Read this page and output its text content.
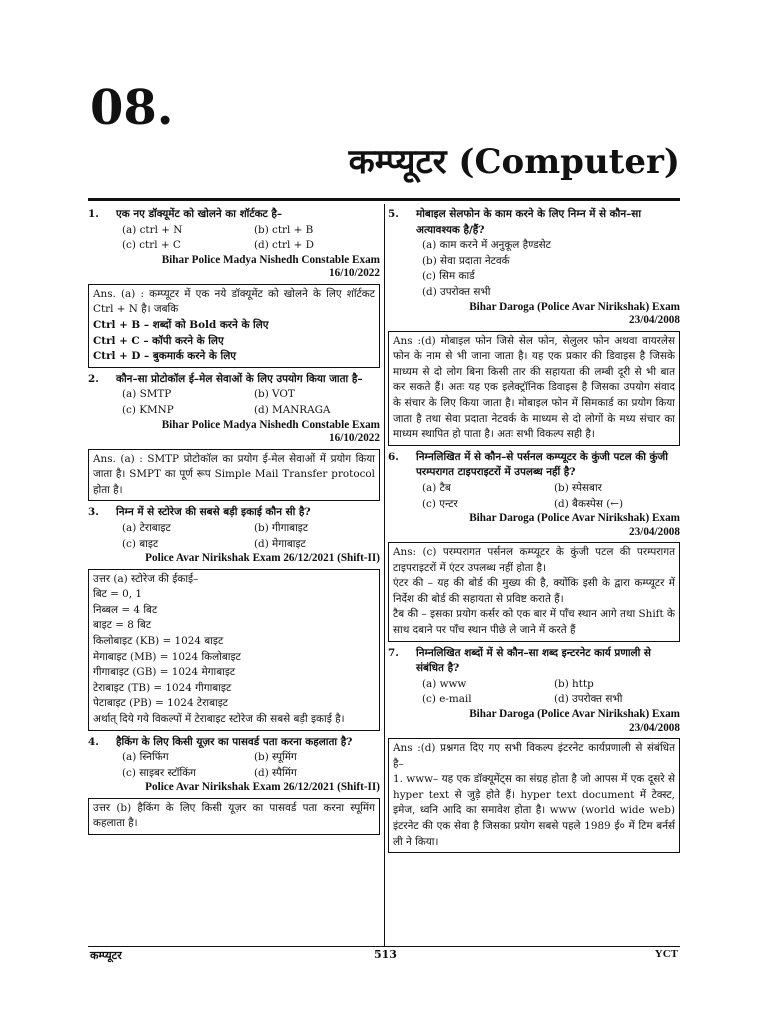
08.
कम्प्यूटर (Computer)
1.	एक नए डॉक्यूमेंट को खोलने का शॉर्टकट है–
(a) ctrl + N	(b) ctrl + B
(c) ctrl + C	(d) ctrl + D
Bihar Police Madya Nishedh Constable Exam
16/10/2022

Ans. (a) : कम्प्यूटर में एक नये डॉक्यूमेंट को खोलने के लिए शॉर्टकट Ctrl + N है। जबकि

Ctrl + B – शब्दों को Bold करने के लिए

Ctrl + C – कॉपी करने के लिए

Ctrl + D – बुकमार्क करने के लिए

2.	कौन–सा प्रोटोकॉल ई–मेल सेवाओं के लिए उपयोग किया जाता है–
(a) SMTP	(b) VOT
(c) KMNP	(d) MANRAGA
Bihar Police Madya Nishedh Constable Exam
16/10/2022

Ans. (a) : SMTP प्रोटोकॉल का प्रयोग ई-मेल सेवाओं में प्रयोग किया जाता है। SMPT का पूर्ण रूप Simple Mail Transfer protocol होता है।

3.	निम्न में से स्टोरेज की सबसे बड़ी इकाई कौन सी है?
(a) टेराबाइट	(b) गीगाबाइट
(c) बाइट	(d) मेगाबाइट
Police Avar Nirikshak Exam 26/12/2021 (Shift-II)

उत्तर (a) स्टोरेज की ईकाई–

बिट = 0, 1

निब्बल = 4 बिट

बाइट = 8 बिट

किलोबाइट (KB) = 1024 बाइट

मेगाबाइट (MB) = 1024 किलोबाइट

गीगाबाइट (GB) = 1024 मेगाबाइट

टेराबाइट (TB) = 1024 गीगाबाइट

पेटाबाइट (PB) = 1024 टेराबाइट

अर्थात् दिये गये विकल्पों में टेराबाइट स्टोरेज की सबसे बड़ी इकाई है।

4.	हैकिंग के लिए किसी यूज़र का पासवर्ड पता करना कहलाता है?
(a) स्निफिंग	(b) स्पूमिंग
(c) साइबर स्टॉकिंग	(d) स्पैमिंग
Police Avar Nirikshak Exam 26/12/2021 (Shift-II)

उत्तर (b) हैकिंग के लिए किसी यूज़र का पासवर्ड पता करना स्पूमिंग कहलाता है।

5.	मोबाइल सेलफोन के काम करने के लिए निम्न में से कौन–सा अत्यावश्यक है/हैं?
(a) काम करने में अनुकूल हैण्डसेट
(b) सेवा प्रदाता नेटवर्क
(c) सिम कार्ड
(d) उपरोक्त सभी
Bihar Daroga (Police Avar Nirikshak) Exam
23/04/2008

Ans :(d) मोबाइल फोन जिसे सेल फोन, सेलुलर फोन अथवा वायरलेस फोन के नाम से भी जाना जाता है। यह एक प्रकार की डिवाइस है जिसके माध्यम से दो लोग बिना किसी तार की सहायता की लम्बी दूरी से भी बात कर सकते हैं। अतः यह एक इलेक्ट्रॉनिक डिवाइस है जिसका उपयोग संवाद के संचार के लिए किया जाता है। मोबाइल फोन में सिमकार्ड का प्रयोग किया जाता है तथा सेवा प्रदाता नेटवर्क के माध्यम से दो लोगों के मध्य संचार का माध्यम स्थापित हो पाता है। अतः सभी विकल्प सही है।

6.	निम्नलिखित में से कौन–से पर्सनल कम्प्यूटर के कुंजी पटल की कुंजी परम्परागत टाइपराइटरों में उपलब्ध नहीं है?
(a) टैब	(b) स्पेसबार
(c) एन्टर	(d) बैकस्पेस (←)
Bihar Daroga (Police Avar Nirikshak) Exam
23/04/2008

Ans: (c) परम्परागत पर्सनल कम्प्यूटर के कुंजी पटल की परम्परागत टाइपराइटरों में एंटर उपलब्ध नहीं होता है।

एंटर की – यह की बोर्ड की मुख्य की है, क्योंकि इसी के द्वारा कम्प्यूटर में निर्देश की बोर्ड की सहायता से प्रविष्ट कराते हैं।

टैब की – इसका प्रयोग कर्सर को एक बार में पाँच स्थान आगे तथा Shift के साथ दबाने पर पाँच स्थान पीछे ले जाने में करते हैं

7.	निम्नलिखित शब्दों में से कौन–सा शब्द इन्टरनेट कार्य प्रणाली से संबंधित है?
(a) www	(b) http
(c) e-mail	(d) उपरोक्त सभी
Bihar Daroga (Police Avar Nirikshak) Exam
23/04/2008

Ans :(d) प्रश्नगत दिए गए सभी विकल्प इंटरनेट कार्यप्रणाली से संबंधित है–

1. www– यह एक डॉक्यूमेंट्स का संग्रह होता है जो आपस में एक दूसरे से hyper text से जुड़े होते हैं। hyper text document में टेक्स्ट, इमेज, ध्वनि आदि का समावेश होता है। www (world wide web) इंटरनेट की एक सेवा है जिसका प्रयोग सबसे पहले 1989 ई० में टिम बर्नर्स ली ने किया।

कम्प्यूटर	513	YCT
